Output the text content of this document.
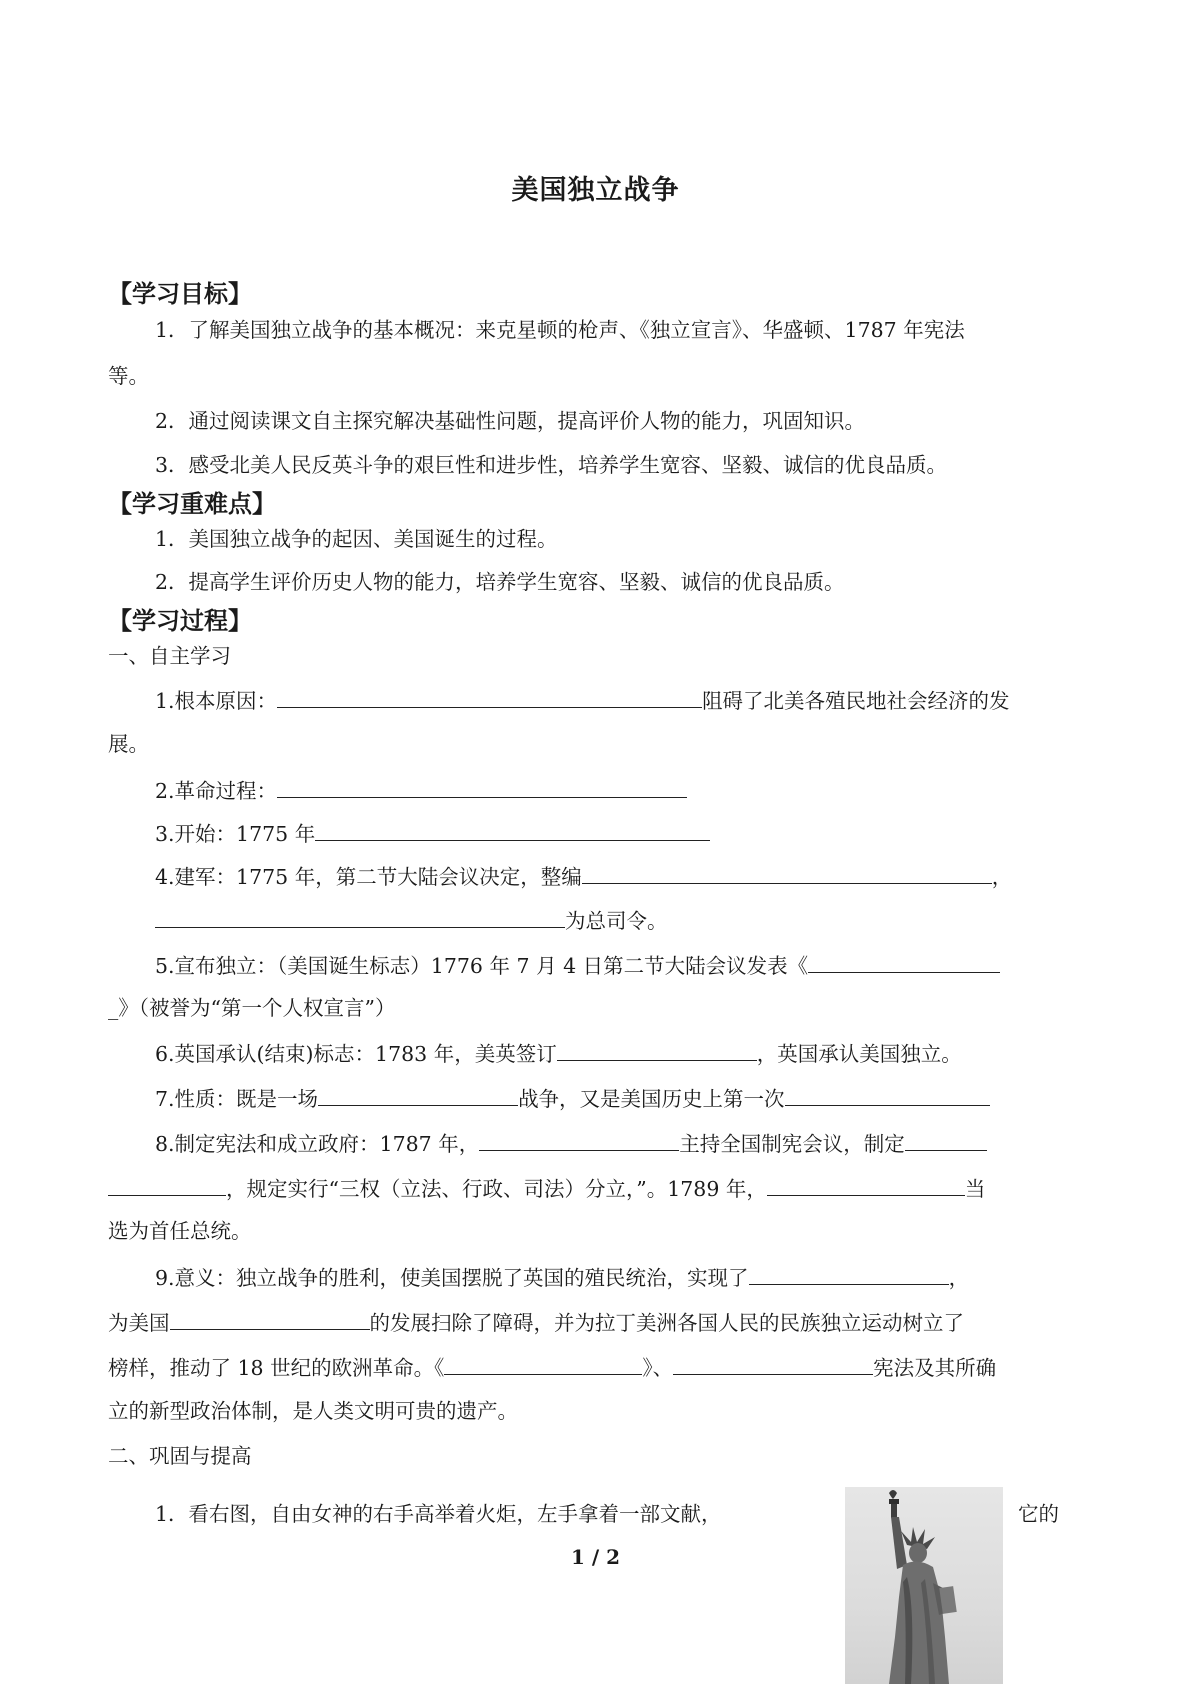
美国独立战争
【学习目标】
1．了解美国独立战争的基本概况：来克星顿的枪声、《独立宣言》、华盛顿、1787 年宪法
等。
2．通过阅读课文自主探究解决基础性问题，提高评价人物的能力，巩固知识。
3．感受北美人民反英斗争的艰巨性和进步性，培养学生宽容、坚毅、诚信的优良品质。
【学习重难点】
1．美国独立战争的起因、美国诞生的过程。
2．提高学生评价历史人物的能力，培养学生宽容、坚毅、诚信的优良品质。
【学习过程】
一、自主学习
1.根本原因：	阻碍了北美各殖民地社会经济的发
展。
2.革命过程：
3.开始：1775 年
4.建军：1775 年，第二节大陆会议决定，整编	，
为总司令。
5.宣布独立：（美国诞生标志）1776 年 7 月 4 日第二节大陆会议发表《
_》（被誉为“第一个人权宣言”）
6.英国承认(结束)标志：1783 年，美英签订	，英国承认美国独立。
7.性质：既是一场	战争，又是美国历史上第一次
8.制定宪法和成立政府：1787 年，	主持全国制宪会议，制定
，规定实行“三权（立法、行政、司法）分立，”。1789 年，	当
选为首任总统。
9.意义：独立战争的胜利，使美国摆脱了英国的殖民统治，实现了	，
为美国	的发展扫除了障碍，并为拉丁美洲各国人民的民族独立运动树立了
榜样，推动了 18 世纪的欧洲革命。《	》、	宪法及其所确
立的新型政治体制，是人类文明可贵的遗产。
二、巩固与提高
1．看右图，自由女神的右手高举着火炬，左手拿着一部文献，	它的
1 / 2
